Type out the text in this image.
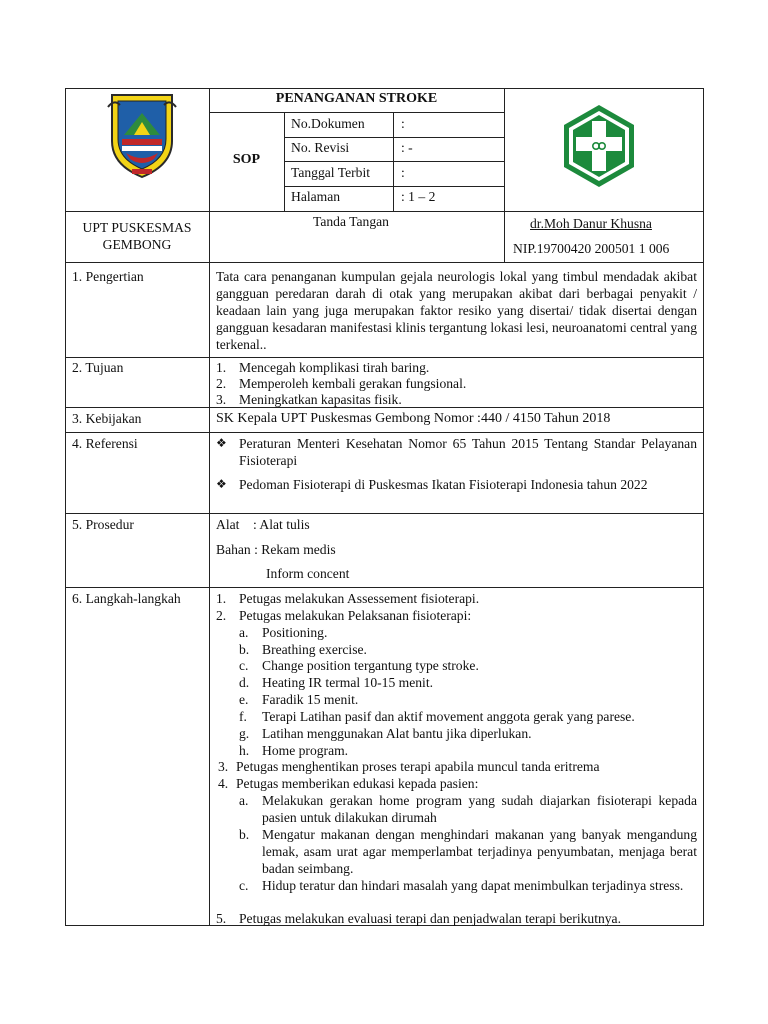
PENANGANAN STROKE
SOP
No.Dokumen	:
No. Revisi	: -
Tanggal Terbit :
Halaman	: 1 – 2
UPT PUSKESMAS
GEMBONG
Tanda Tangan	dr.Moh Danur Khusna
NIP.19700420 200501 1 006
1. Pengertian	Tata cara penanganan kumpulan gejala neurologis lokal yang timbul mendadak akibat gangguan peredaran darah di otak yang merupakan akibat dari berbagai penyakit / keadaan lain yang juga merupakan faktor resiko yang disertai/ tidak disertai dengan gangguan kesadaran manifestasi klinis tergantung lokasi lesi, neuroanatomi central yang terkenal..
2. Tujuan	1. Mencegah komplikasi tirah baring.
2. Memperoleh kembali gerakan fungsional.
3. Meningkatkan kapasitas fisik.
3. Kebijakan	SK Kepala UPT Puskesmas Gembong Nomor :440 / 4150 Tahun 2018
4. Referensi	❖ Peraturan Menteri Kesehatan Nomor 65 Tahun 2015 Tentang Standar Pelayanan Fisioterapi
❖ Pedoman Fisioterapi di Puskesmas Ikatan Fisioterapi Indonesia tahun 2022
5. Prosedur	Alat    : Alat tulis
Bahan : Rekam medis
Inform concent
6. Langkah-langkah	1. Petugas melakukan Assessement fisioterapi.
2. Petugas melakukan Pelaksanan fisioterapi:
a. Positioning.
b. Breathing exercise.
c. Change position tergantung type stroke.
d. Heating IR termal 10-15 menit.
e. Faradik 15 menit.
f. Terapi Latihan pasif dan aktif movement anggota gerak yang parese.
g. Latihan menggunakan Alat bantu jika diperlukan.
h. Home program.
3. Petugas menghentikan proses terapi apabila muncul tanda eritrema
4. Petugas memberikan edukasi kepada pasien:
a. Melakukan gerakan home program yang sudah diajarkan fisioterapi kepada pasien untuk dilakukan dirumah
b. Mengatur makanan dengan menghindari makanan yang banyak mengandung lemak, asam urat agar memperlambat terjadinya penyumbatan, menjaga berat badan seimbang.
c. Hidup teratur dan hindari masalah yang dapat menimbulkan terjadinya stress.
5. Petugas melakukan evaluasi terapi dan penjadwalan terapi berikutnya.
